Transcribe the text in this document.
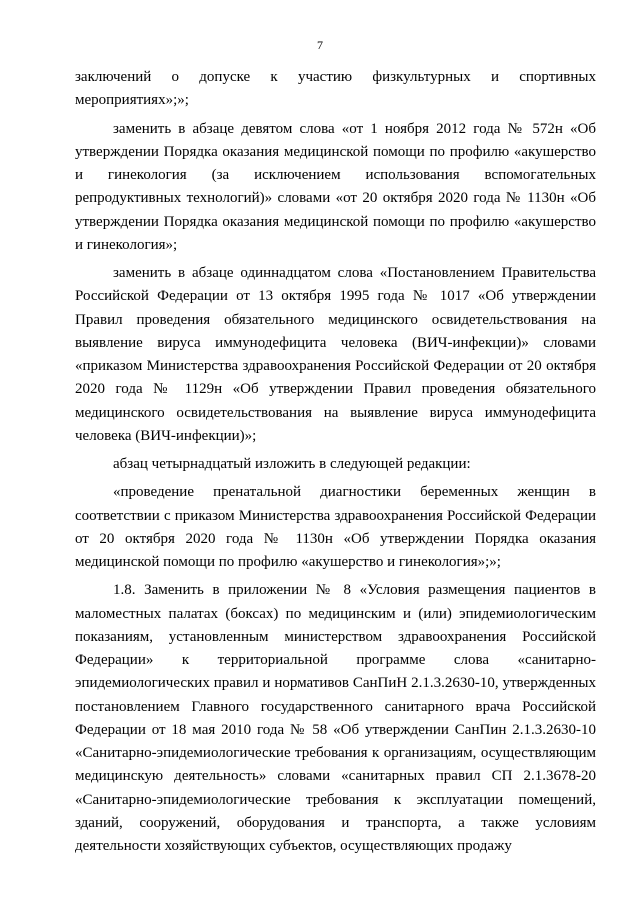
7

заключений о допуске к участию физкультурных и спортивных мероприятиях»;»;

заменить в абзаце девятом слова «от 1 ноября 2012 года № 572н «Об утверждении Порядка оказания медицинской помощи по профилю «акушерство и гинекология (за исключением использования вспомогательных репродуктивных технологий)» словами «от 20 октября 2020 года № 1130н «Об утверждении Порядка оказания медицинской помощи по профилю «акушерство и гинекология»;

заменить в абзаце одиннадцатом слова «Постановлением Правительства Российской Федерации от 13 октября 1995 года № 1017 «Об утверждении Правил проведения обязательного медицинского освидетельствования на выявление вируса иммунодефицита человека (ВИЧ-инфекции)» словами «приказом Министерства здравоохранения Российской Федерации от 20 октября 2020 года № 1129н «Об утверждении Правил проведения обязательного медицинского освидетельствования на выявление вируса иммунодефицита человека (ВИЧ-инфекции)»;

абзац четырнадцатый изложить в следующей редакции:

«проведение пренатальной диагностики беременных женщин в соответствии с приказом Министерства здравоохранения Российской Федерации от 20 октября 2020 года № 1130н «Об утверждении Порядка оказания медицинской помощи по профилю «акушерство и гинекология»;»;

1.8. Заменить в приложении № 8 «Условия размещения пациентов в маломестных палатах (боксах) по медицинским и (или) эпидемиологическим показаниям, установленным министерством здравоохранения Российской Федерации» к территориальной программе слова «санитарно-эпидемиологических правил и нормативов СанПиН 2.1.3.2630-10, утвержденных постановлением Главного государственного санитарного врача Российской Федерации от 18 мая 2010 года № 58 «Об утверждении СанПин 2.1.3.2630-10 «Санитарно-эпидемиологические требования к организациям, осуществляющим медицинскую деятельность» словами «санитарных правил СП 2.1.3678-20 «Санитарно-эпидемиологические требования к эксплуатации помещений, зданий, сооружений, оборудования и транспорта, а также условиям деятельности хозяйствующих субъектов, осуществляющих продажу
